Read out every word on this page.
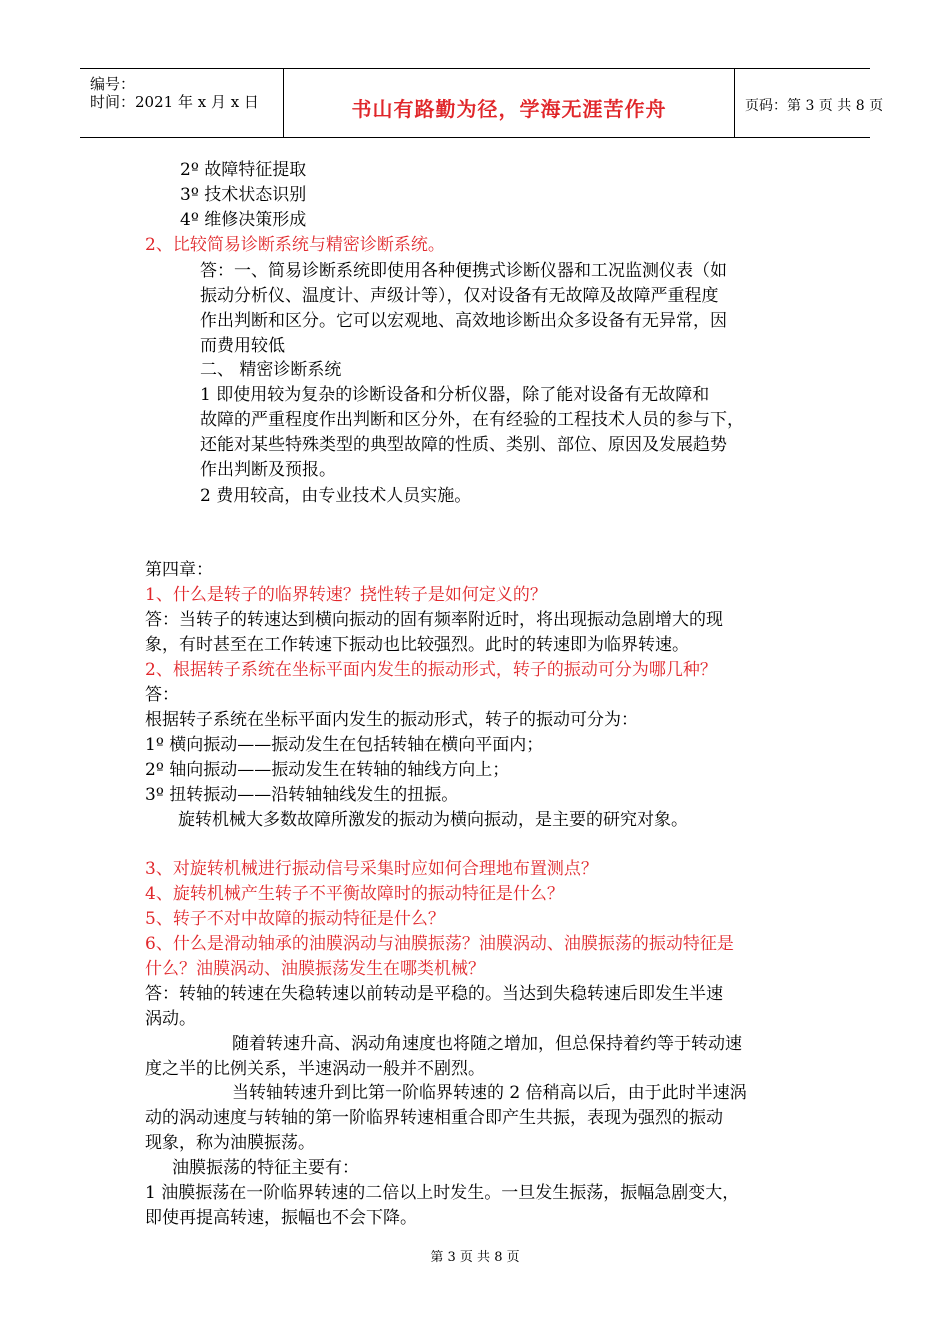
编号：
时间：2021 年 x 月 x 日	书山有路勤为径，学海无涯苦作舟	页码：第 3 页 共 8 页
2º 故障特征提取
3º 技术状态识别
4º 维修决策形成
2、比较简易诊断系统与精密诊断系统。
答：一、简易诊断系统即使用各种便携式诊断仪器和工况监测仪表（如
振动分析仪、温度计、声级计等），仅对设备有无故障及故障严重程度
作出判断和区分。它可以宏观地、高效地诊断出众多设备有无异常，因
而费用较低
二、 精密诊断系统
1 即使用较为复杂的诊断设备和分析仪器，除了能对设备有无故障和
故障的严重程度作出判断和区分外，在有经验的工程技术人员的参与下，
还能对某些特殊类型的典型故障的性质、类别、部位、原因及发展趋势
作出判断及预报。
2 费用较高，由专业技术人员实施。
第四章：
1、什么是转子的临界转速？挠性转子是如何定义的？
答：当转子的转速达到横向振动的固有频率附近时，将出现振动急剧增大的现
象，有时甚至在工作转速下振动也比较强烈。此时的转速即为临界转速。
2、根据转子系统在坐标平面内发生的振动形式，转子的振动可分为哪几种？
答：
根据转子系统在坐标平面内发生的振动形式，转子的振动可分为：
1º 横向振动——振动发生在包括转轴在横向平面内；
2º 轴向振动——振动发生在转轴的轴线方向上；
3º 扭转振动——沿转轴轴线发生的扭振。
旋转机械大多数故障所激发的振动为横向振动，是主要的研究对象。
3、对旋转机械进行振动信号采集时应如何合理地布置测点？
4、旋转机械产生转子不平衡故障时的振动特征是什么？
5、转子不对中故障的振动特征是什么？
6、什么是滑动轴承的油膜涡动与油膜振荡？油膜涡动、油膜振荡的振动特征是
什么？油膜涡动、油膜振荡发生在哪类机械？
答：转轴的转速在失稳转速以前转动是平稳的。当达到失稳转速后即发生半速
涡动。
随着转速升高、涡动角速度也将随之增加，但总保持着约等于转动速
度之半的比例关系，半速涡动一般并不剧烈。
当转轴转速升到比第一阶临界转速的 2 倍稍高以后，由于此时半速涡
动的涡动速度与转轴的第一阶临界转速相重合即产生共振，表现为强烈的振动
现象，称为油膜振荡。
油膜振荡的特征主要有：
1 油膜振荡在一阶临界转速的二倍以上时发生。一旦发生振荡，振幅急剧变大，
即使再提高转速，振幅也不会下降。
第 3 页 共 8 页
